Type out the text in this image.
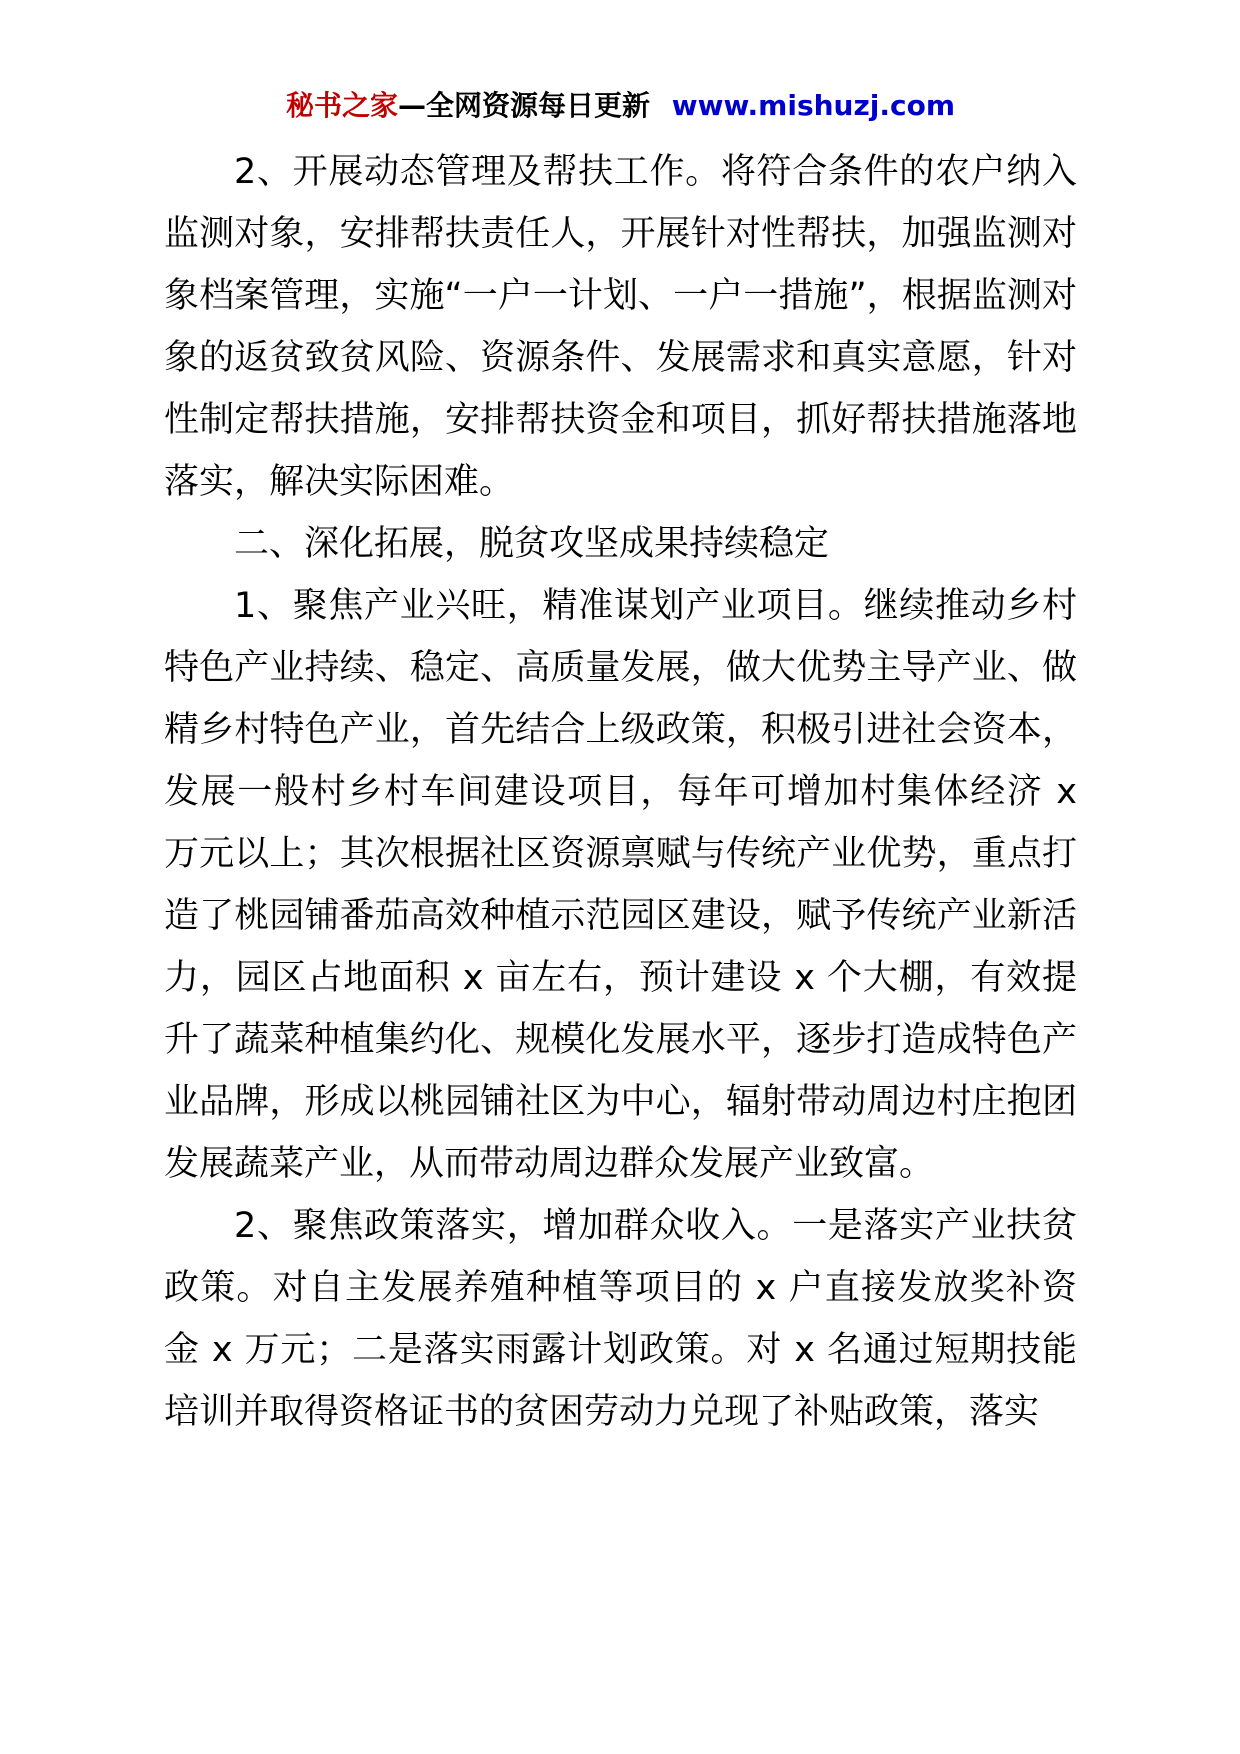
秘书之家—全网资源每日更新 www.mishuzj.com

2、开展动态管理及帮扶工作。将符合条件的农户纳入监测对象，安排帮扶责任人，开展针对性帮扶，加强监测对象档案管理，实施“一户一计划、一户一措施”，根据监测对象的返贫致贫风险、资源条件、发展需求和真实意愿，针对性制定帮扶措施，安排帮扶资金和项目，抓好帮扶措施落地落实，解决实际困难。

二、深化拓展，脱贫攻坚成果持续稳定

1、聚焦产业兴旺，精准谋划产业项目。继续推动乡村特色产业持续、稳定、高质量发展，做大优势主导产业、做精乡村特色产业，首先结合上级政策，积极引进社会资本，发展一般村乡村车间建设项目，每年可增加村集体经济 x 万元以上；其次根据社区资源禀赋与传统产业优势，重点打造了桃园铺番茄高效种植示范园区建设，赋予传统产业新活力，园区占地面积 x 亩左右，预计建设 x 个大棚，有效提升了蔬菜种植集约化、规模化发展水平，逐步打造成特色产业品牌，形成以桃园铺社区为中心，辐射带动周边村庄抱团发展蔬菜产业，从而带动周边群众发展产业致富。

2、聚焦政策落实，增加群众收入。一是落实产业扶贫政策。对自主发展养殖种植等项目的 x 户直接发放奖补资金 x 万元；二是落实雨露计划政策。对 x 名通过短期技能培训并取得资格证书的贫困劳动力兑现了补贴政策，落实
